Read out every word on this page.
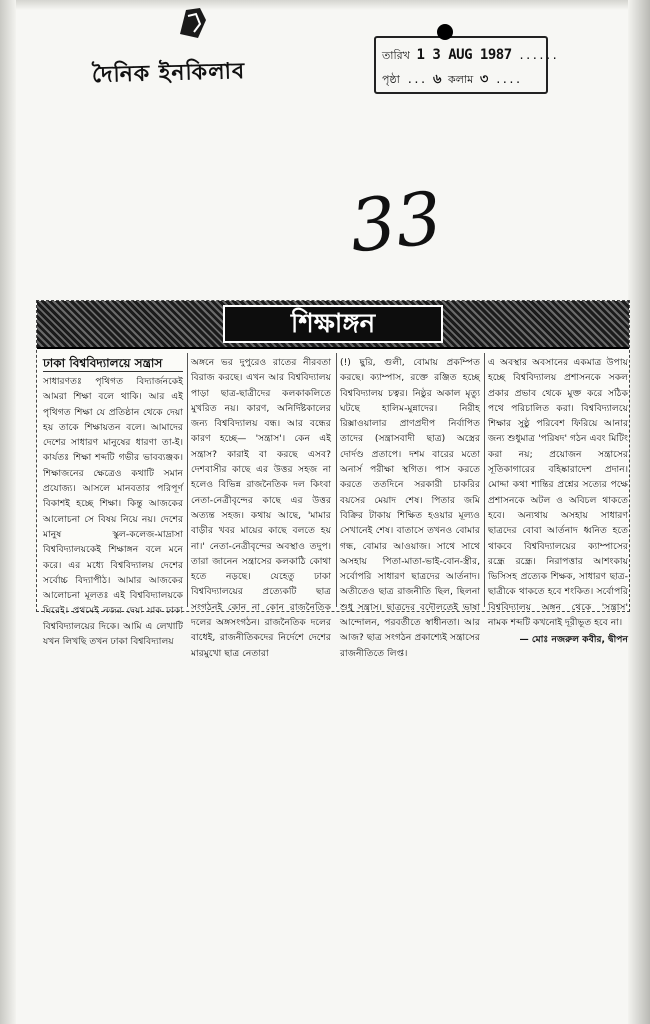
দৈনিক ইনকিলাব
তারিখ 1 3 AUG 1987 ......
পৃষ্ঠা ... ৬ কলাম ৩ ....
33
শিক্ষাঙ্গন
ঢাকা বিশ্ববিদ্যালয়ে সন্ত্রাস

সাধারণতঃ পৃথিগত বিদ্যার্জনকেই আমরা শিক্ষা বলে থাকি। আর এই পৃথিগত শিক্ষা যে প্রতিষ্ঠান থেকে দেয়া হয় তাকে শিক্ষায়তন বলে। আমাদের দেশের সাধারণ মানুষের ধারণা তা-ই। কার্যতঃ শিক্ষা শব্দটি গভীর ভাবব্যঞ্জক। শিক্ষাজনের ক্ষেত্রেও কথাটি সমান প্রযোজ্য। আসলে মানবতার পরিপূর্ণ বিকাশই হচ্ছে শিক্ষা। কিন্তু আজকের আলোচনা সে বিষয় নিয়ে নয়। দেশের মানুষ স্কুল-কলেজ-মাদ্রাসা বিশ্ববিদ্যালয়কেই শিক্ষাঙ্গন বলে মনে করে। এর মধ্যে বিশ্ববিদ্যালয় দেশের সর্বোচ্চ বিদ্যাপীঠ। আমার আজকের আলোচনা মূলতঃ এই বিশ্ববিদ্যালয়কে ঘিরেই। প্রথমেই নজর দেয়া যাক ঢাকা বিশ্ববিদ্যালয়ের দিকে। আমি এ লেখাটি যখন লিখছি তখন ঢাকা বিশ্ববিদ্যালয়

অঙ্গনে ভর দুপুরেও রাতের নীরবতা বিরাজ করছে। এখন আর বিশ্ববিদ্যালয় পাড়া ছাত্র-ছাত্রীদের কলকাকলিতে মুখরিত নয়। কারণ, অনির্দিষ্টকালের জন্য বিশ্ববিদ্যালয় বন্ধ। আর বন্ধের কারণ হচ্ছে— 'সন্ত্রাস'। কেন এই সন্ত্রাস? কারাই বা করছে এসব? দেশবাসীর কাছে এর উত্তর সহজ না হলেও বিভিন্ন রাজনৈতিক দল কিংবা নেতা-নেত্রীবৃন্দের কাছে এর উত্তর অত্যন্ত সহজ। কথায় আছে, 'মামার বাড়ীর খবর মায়ের কাছে বলতে হয় না।' নেতা-নেত্রীবৃন্দের অবস্থাও তদুপ। তারা জানেন সন্ত্রাসের কলকাঠি কোথা হতে নড়ছে। যেহেতু ঢাকা বিশ্ববিদ্যালয়ের প্রত্যেকটি ছাত্র সংগঠনই কোন না কোন রাজনৈতিক দলের অঙ্গসংগঠন। রাজনৈতিক দলের বাধেই, রাজনীতিকদের নির্দেশে দেশের মারমুখো ছাত্র নেতারা

(!) ছুরি, গুলী, বোমায় প্রকম্পিত করছে। ক্যাম্পাস, রক্তে রঞ্জিত হচ্ছে বিশ্ববিদ্যালয় চত্বর। নিষ্ঠুর অকাল মৃত্যু ঘটছে হালিম-মুন্নাদের। নিরীহ রিক্সাওয়ালার প্রাণপ্রদীপ নির্বাপিত তাদের (সন্ত্রাসবাদী ছাত্র) অস্ত্রের দোর্দণ্ড প্রতাপে। দশম বারের মতো অনার্স পরীক্ষা স্থগিত। পাস করতে করতে ততদিনে সরকারী চাকরির বয়সের মেয়াদ শেষ। পিতার জমি বিক্রির টাকায় শিক্ষিত হওয়ার মূল্যও সেখানেই শেষ। বাতাসে তখনও বোমার গন্ধ, বোমার আওয়াজ। সাথে সাথে অসহায় পিতা-মাতা-ভাই-বোন-স্ত্রীর, সর্বোপরি সাধারণ ছাত্রদের আর্তনাদ। অতীতেও ছাত্র রাজনীতি ছিল, ছিলনা শুধু সন্ত্রাস। ছাত্রদের বদৌলতেই ভাষা আন্দোলন, পরবর্তীতে স্বাধীনতা। আর আজ? ছাত্র সংগঠন প্রকাশ্যেই সন্ত্রাসের রাজনীতিতে লিপ্ত।

এ অবস্থার অবসানের একমাত্র উপায় হচ্ছে বিশ্ববিদ্যালয় প্রশাসনকে সকল প্রকার প্রভাব থেকে মুক্ত করে সঠিক পথে পরিচালিত করা। বিশ্ববিদ্যালয়ে শিক্ষার সুষ্ঠু পরিবেশ ফিরিয়ে আনার জন্য শুধুমাত্র 'পরিষদ' গঠন এবং মিটিং করা নয়; প্রয়োজন সন্ত্রাসের সূতিকাগারের বহিষ্কারাদেশ প্রদান। মোদ্দা কথা শান্তির প্রশ্নের সত্যের পক্ষে প্রশাসনকে অটল ও অবিচল থাকতে হবে। অন্যথায় অসহায় সাধারণ ছাত্রদের বোবা আর্তনাদ ধ্বনিত হতে থাকবে বিশ্ববিদ্যালয়ের ক্যাম্পাসের রন্ধ্রে রন্ধ্রে। নিরাপত্তার আশংকায় ভিসিসহ প্রত্যেক শিক্ষক, সাধারণ ছাত্র-ছাত্রীকে থাকতে হবে শংকিত। সর্বোপরি বিশ্ববিদ্যালয় অঙ্গন থেকে 'সন্ত্রাস' নামক শব্দটি কখনোই দূরীভূত হবে না।

— মোঃ নজরুল কবীর, দ্বীপন
